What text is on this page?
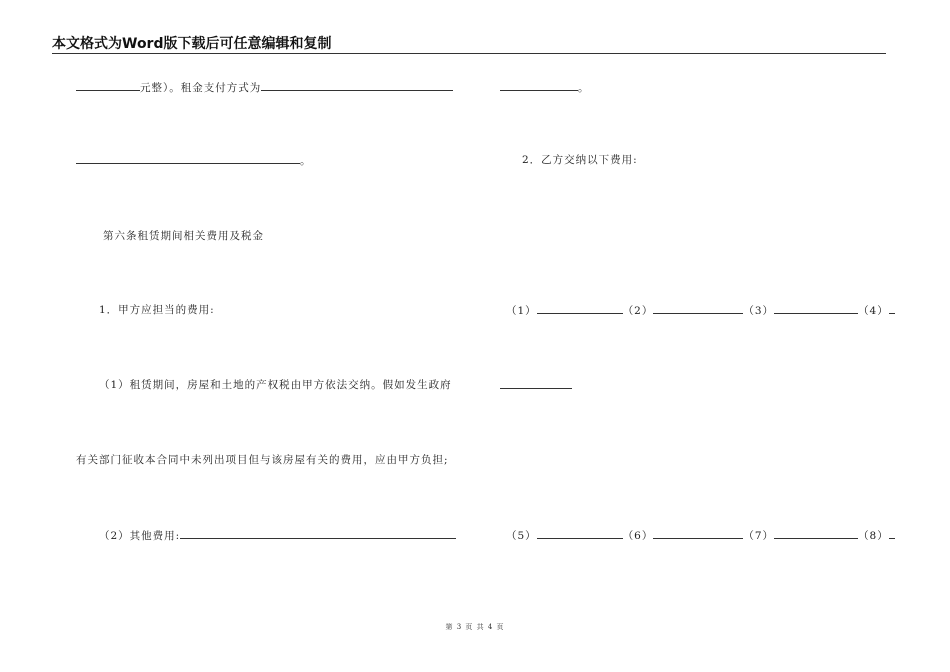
本文格式为Word版下载后可任意编辑和复制
元整）。租金支付方式为
。
第六条租赁期间相关费用及税金
1．甲方应担当的费用:
（1）租赁期间，房屋和土地的产权税由甲方依法交纳。假如发生政府
有关部门征收本合同中未列出项目但与该房屋有关的费用，应由甲方负担;
（2）其他费用:
。
2．乙方交纳以下费用:
（1）	（2）	（3）	（4）
（5）	（6）	（7）	（8）
第 3 页 共 4 页
